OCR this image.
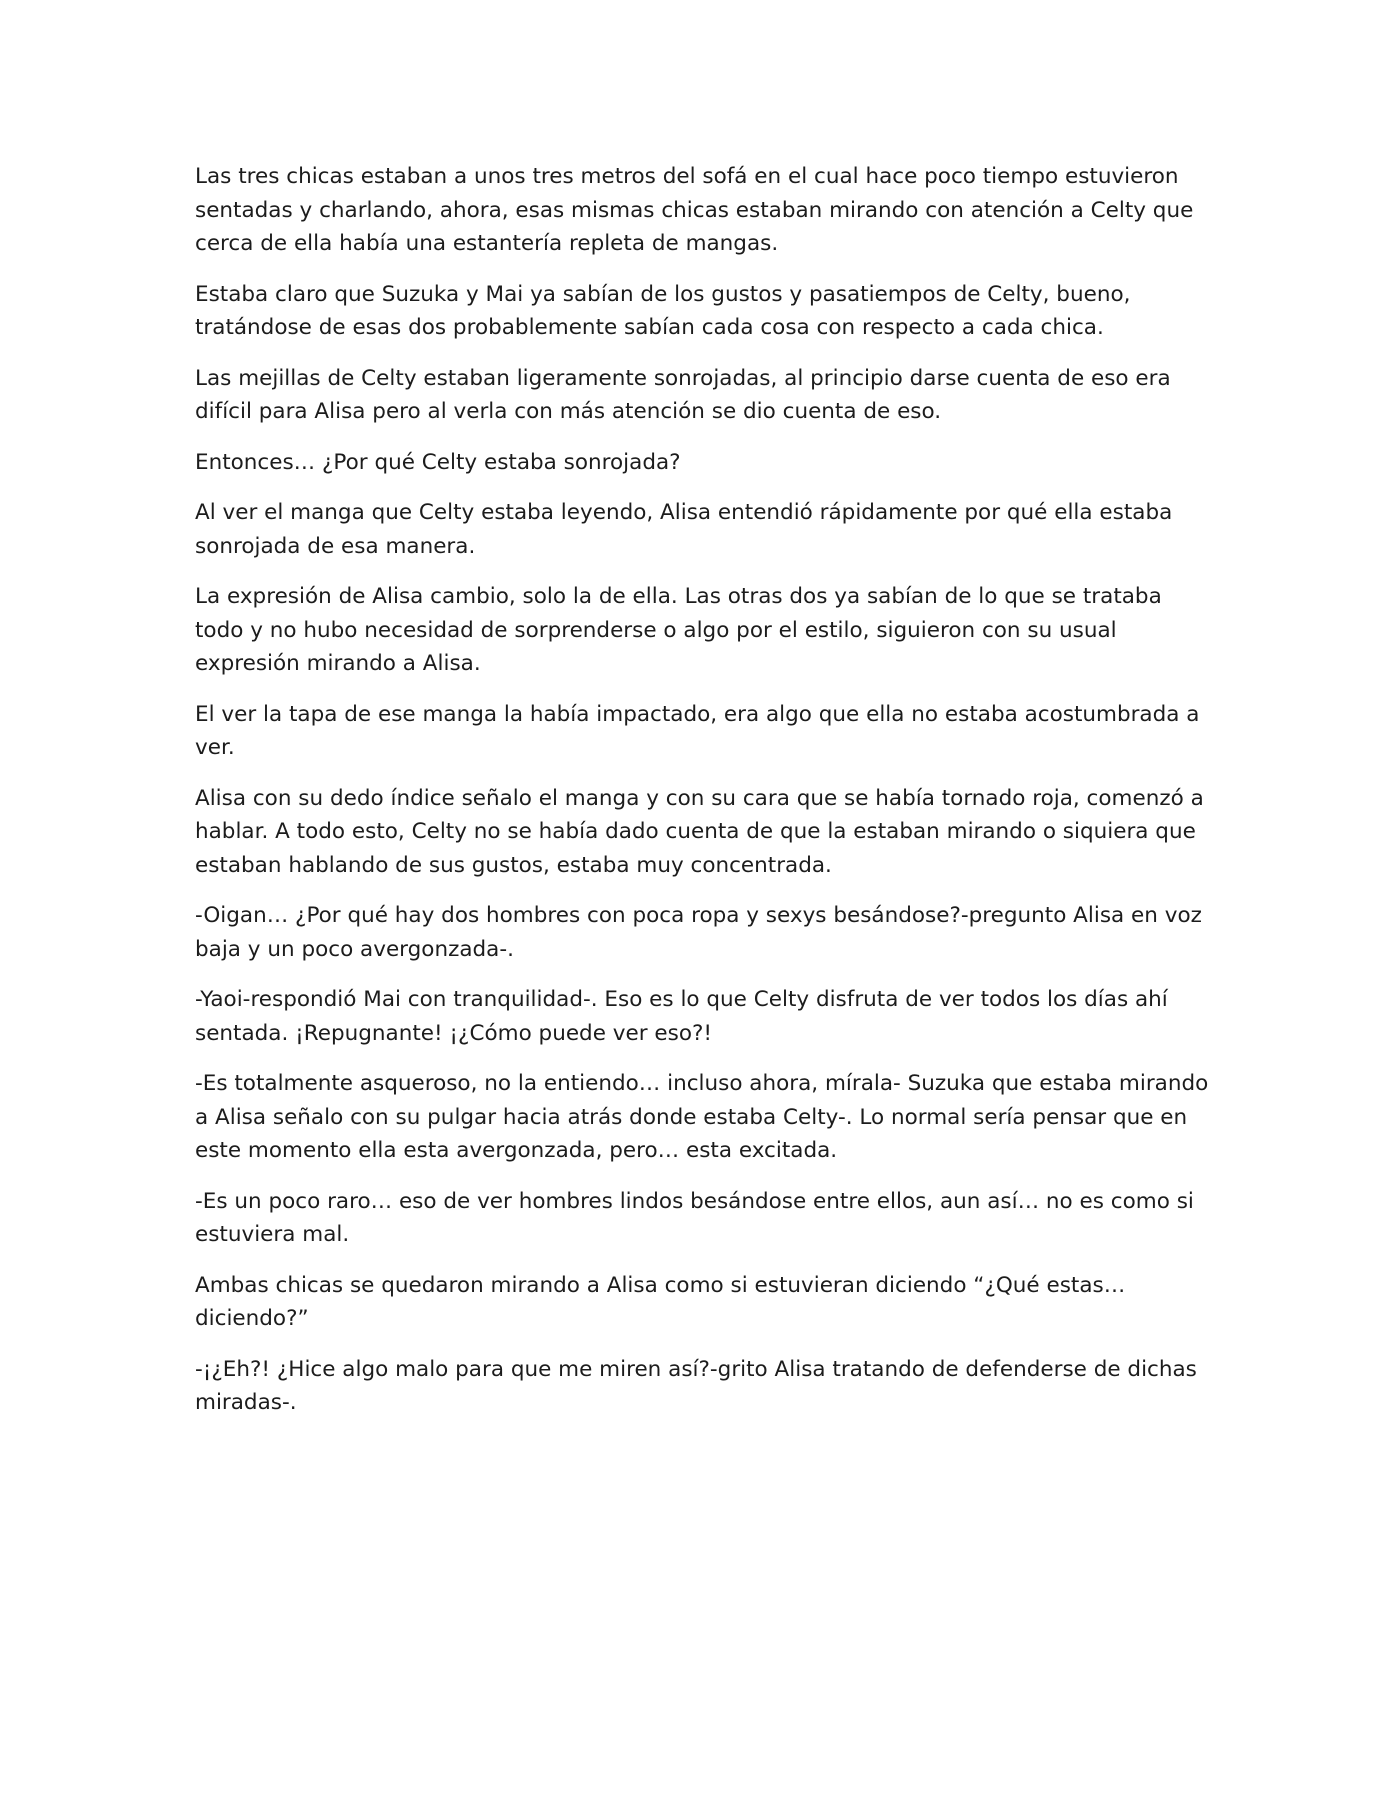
Las tres chicas estaban a unos tres metros del sofá en el cual hace poco tiempo estuvieron sentadas y charlando, ahora, esas mismas chicas estaban mirando con atención a Celty que cerca de ella había una estantería repleta de mangas.

Estaba claro que Suzuka y Mai ya sabían de los gustos y pasatiempos de Celty, bueno, tratándose de esas dos probablemente sabían cada cosa con respecto a cada chica.

Las mejillas de Celty estaban ligeramente sonrojadas, al principio darse cuenta de eso era difícil para Alisa pero al verla con más atención se dio cuenta de eso.

Entonces… ¿Por qué Celty estaba sonrojada?

Al ver el manga que Celty estaba leyendo, Alisa entendió rápidamente por qué ella estaba sonrojada de esa manera.

La expresión de Alisa cambio, solo la de ella. Las otras dos ya sabían de lo que se trataba todo y no hubo necesidad de sorprenderse o algo por el estilo, siguieron con su usual expresión mirando a Alisa.

El ver la tapa de ese manga la había impactado, era algo que ella no estaba acostumbrada a ver.

Alisa con su dedo índice señalo el manga y con su cara que se había tornado roja, comenzó a hablar. A todo esto, Celty no se había dado cuenta de que la estaban mirando o siquiera que estaban hablando de sus gustos, estaba muy concentrada.

-Oigan… ¿Por qué hay dos hombres con poca ropa y sexys besándose?-pregunto Alisa en voz baja y un poco avergonzada-.

-Yaoi-respondió Mai con tranquilidad-. Eso es lo que Celty disfruta de ver todos los días ahí sentada. ¡Repugnante! ¡¿Cómo puede ver eso?!

-Es totalmente asqueroso, no la entiendo… incluso ahora, mírala- Suzuka que estaba mirando a Alisa señalo con su pulgar hacia atrás donde estaba Celty-. Lo normal sería pensar que en este momento ella esta avergonzada, pero… esta excitada.

-Es un poco raro… eso de ver hombres lindos besándose entre ellos, aun así… no es como si estuviera mal.

Ambas chicas se quedaron mirando a Alisa como si estuvieran diciendo “¿Qué estas… diciendo?”

-¡¿Eh?! ¿Hice algo malo para que me miren así?-grito Alisa tratando de defenderse de dichas miradas-.
